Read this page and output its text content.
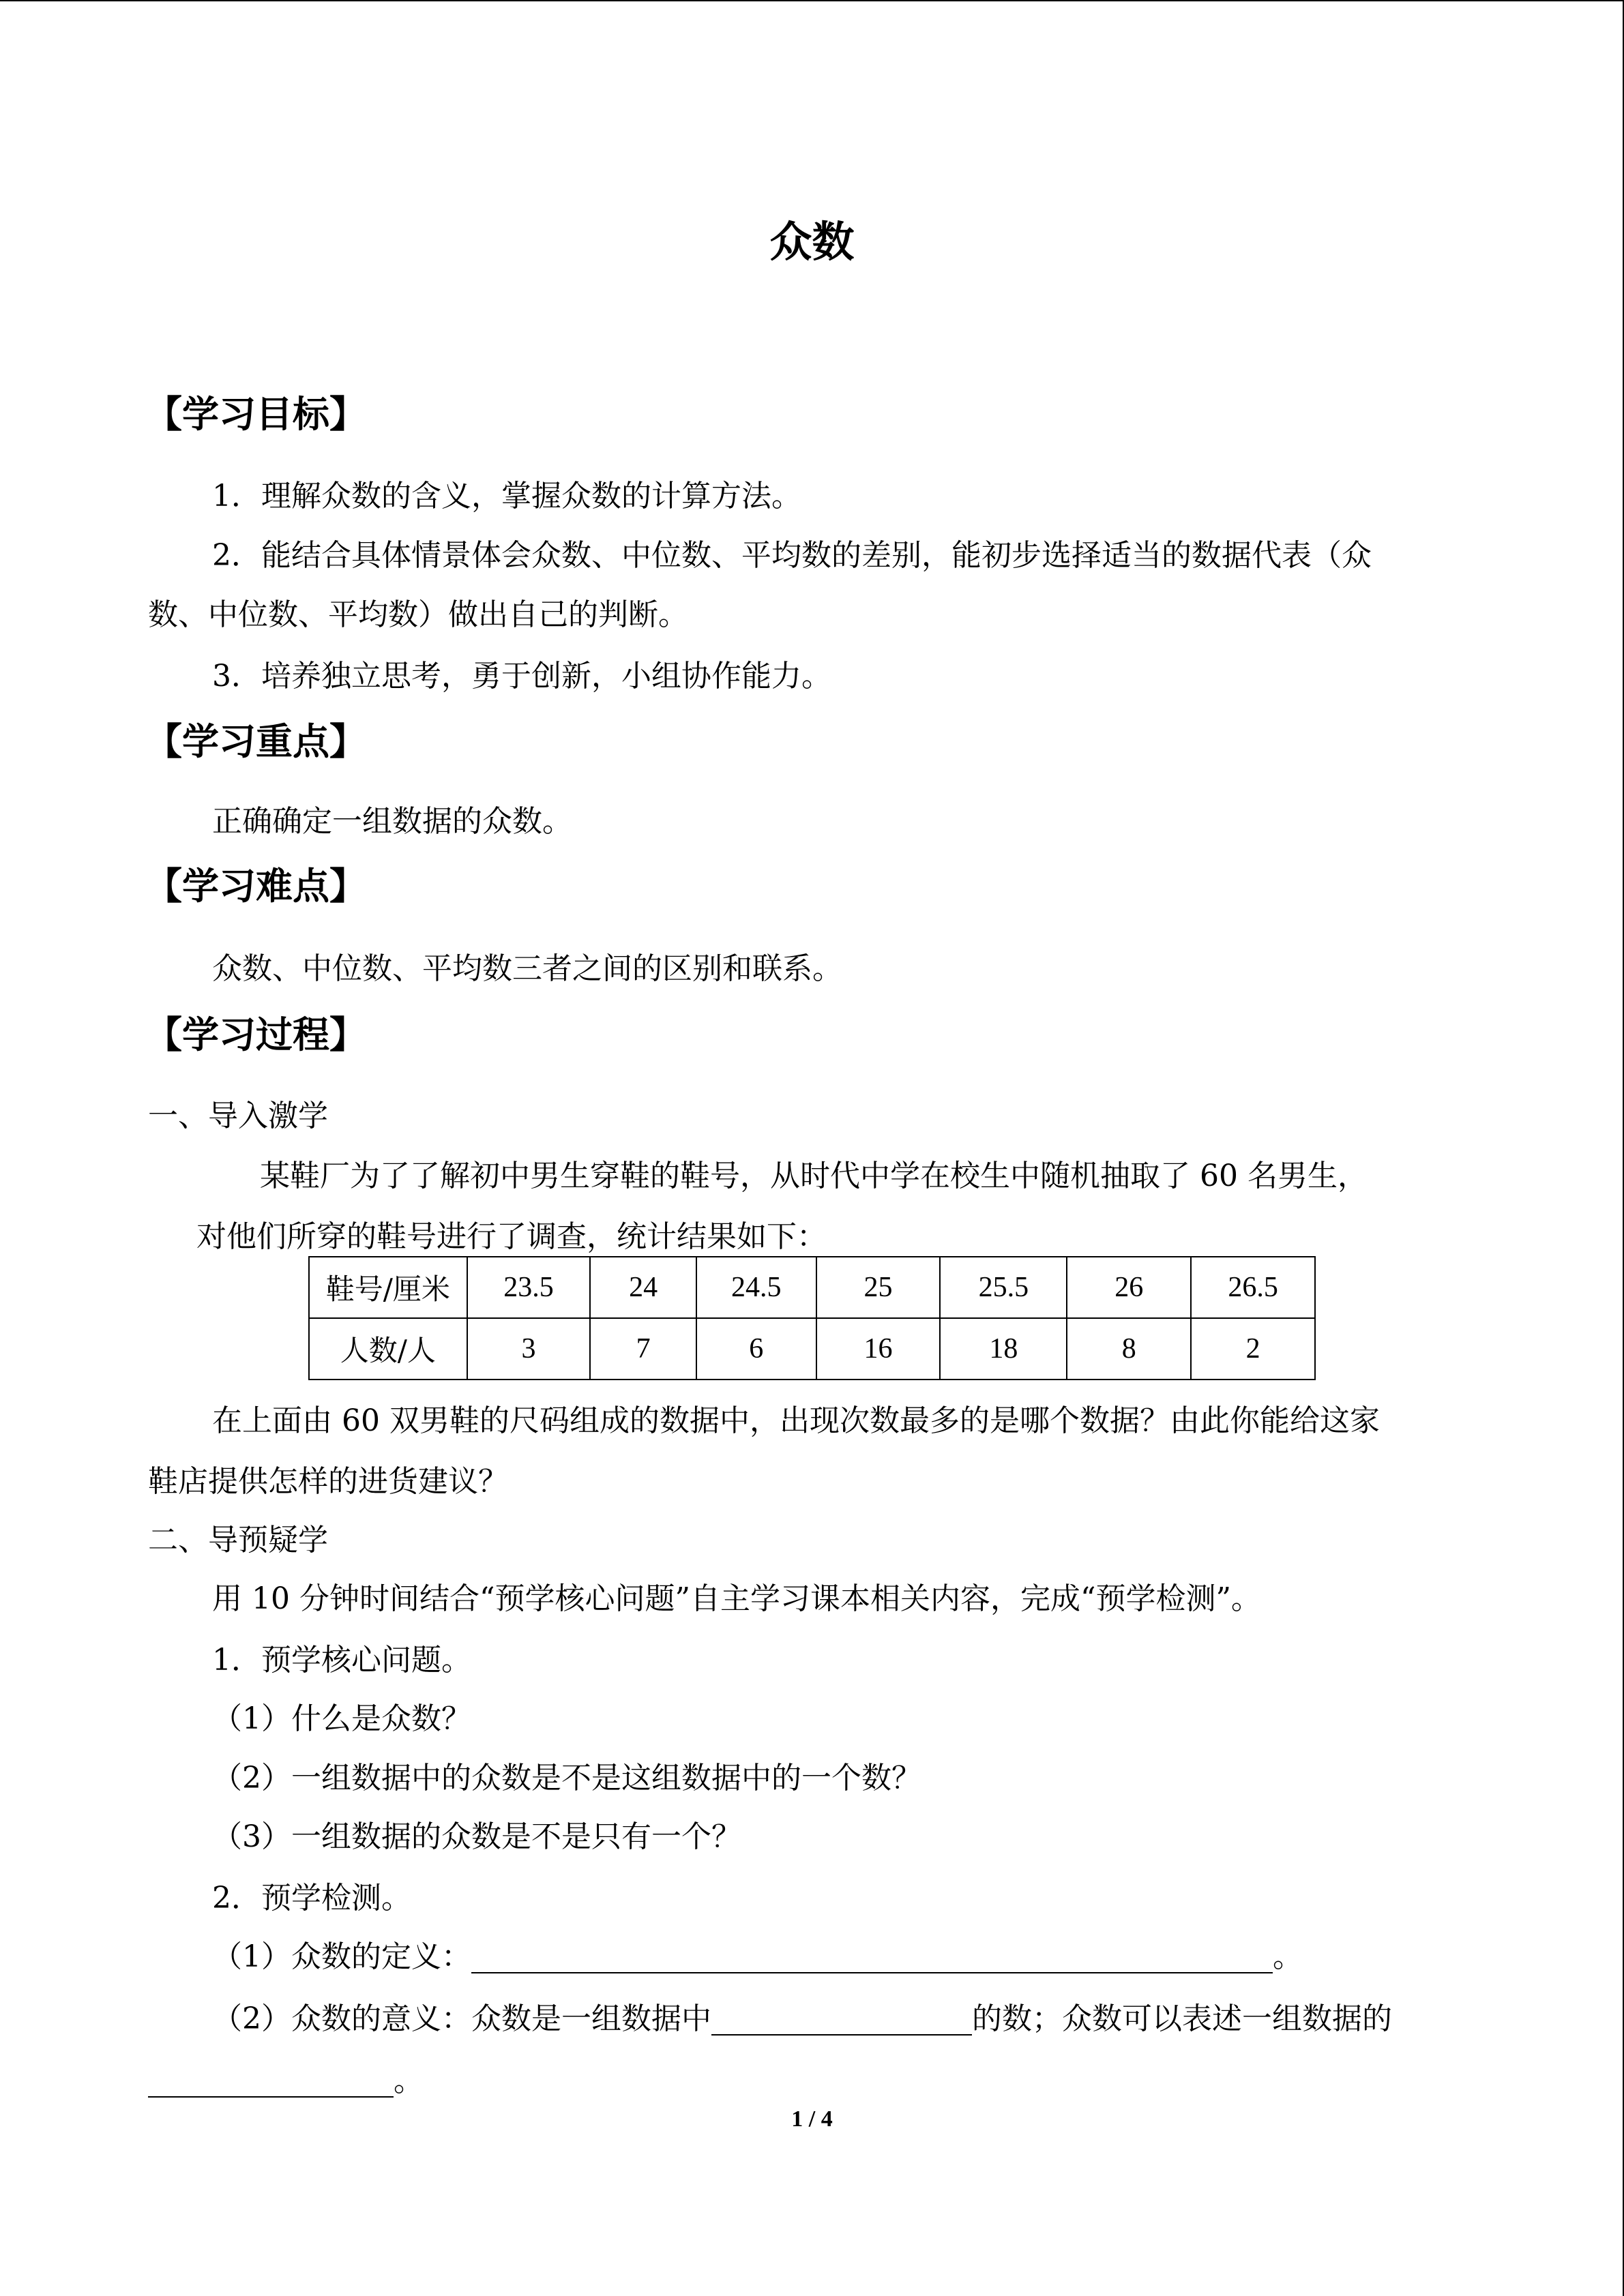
众数
【学习目标】
1．理解众数的含义，掌握众数的计算方法。
2．能结合具体情景体会众数、中位数、平均数的差别，能初步选择适当的数据代表（众
数、中位数、平均数）做出自己的判断。
3．培养独立思考，勇于创新，小组协作能力。
【学习重点】
正确确定一组数据的众数。
【学习难点】
众数、中位数、平均数三者之间的区别和联系。
【学习过程】
一、导入激学
某鞋厂为了了解初中男生穿鞋的鞋号，从时代中学在校生中随机抽取了 60 名男生，
对他们所穿的鞋号进行了调查，统计结果如下：
鞋号/厘米	23.5	24	24.5	25	25.5	26	26.5
人数/人	3	7	6	16	18	8	2
在上面由 60 双男鞋的尺码组成的数据中，出现次数最多的是哪个数据？由此你能给这家
鞋店提供怎样的进货建议？
二、导预疑学
用 10 分钟时间结合“预学核心问题”自主学习课本相关内容，完成“预学检测”。
1．预学核心问题。
（1）什么是众数？
（2）一组数据中的众数是不是这组数据中的一个数？
（3）一组数据的众数是不是只有一个？
2．预学检测。
（1）众数的定义：	。
（2）众数的意义：众数是一组数据中	的数；众数可以表述一组数据的
。
1 / 4
